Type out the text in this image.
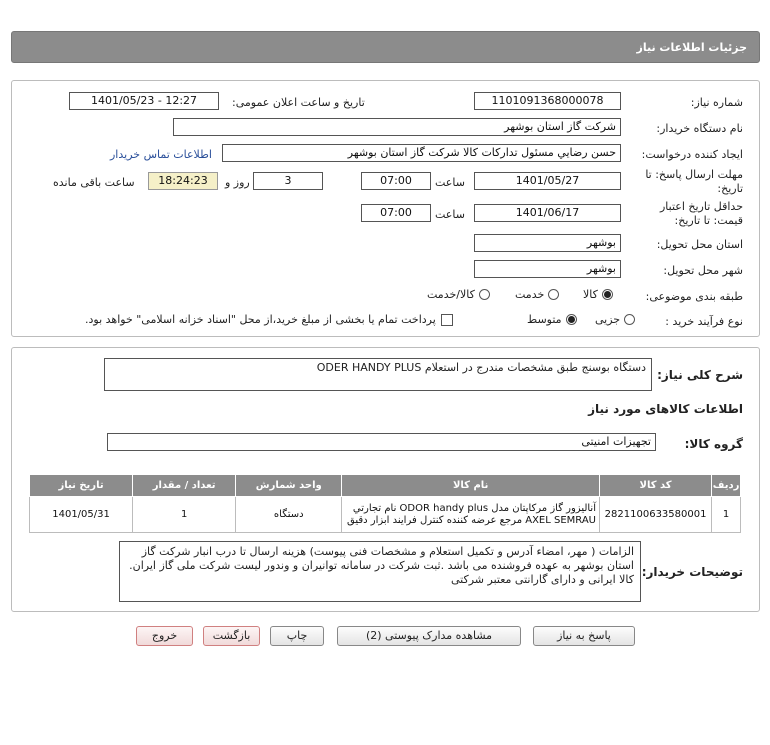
جزئيات اطلاعات نياز
شماره نياز:
1101091368000078
تاريخ و ساعت اعلان عمومی:
1401/05/23 - 12:27
نام دستگاه خريدار:
شرکت گاز استان بوشهر
ايجاد کننده درخواست:
حسن رضايي مسئول تداركات كالا شركت گاز استان بوشهر
اطلاعات تماس خريدار
مهلت ارسال پاسخ: تا
تاريخ:
1401/05/27
ساعت
07:00
3
روز و
18:24:23
ساعت باقی مانده
حداقل تاريخ اعتبار
قيمت: تا تاريخ:
1401/06/17
ساعت
07:00
استان محل تحويل:
بوشهر
شهر محل تحويل:
بوشهر
طبقه بندی موضوعی:
کالا
خدمت
کالا/خدمت
نوع فرآيند خريد :
جزيی
متوسط
پرداخت تمام يا بخشی از مبلغ خريد،از محل "اسناد خزانه اسلامی" خواهد بود.
شرح کلی نياز:
دستگاه بوسنج طبق مشخصات مندرج در استعلام ODER HANDY PLUS
اطلاعات کالاهای مورد نياز
گروه کالا:
تجهيزات امنيتی
رديف	کد کالا	نام کالا	واحد شمارش	تعداد / مقدار	تاريخ نياز
1	2821100633580001	آناليزور گاز مركاپتان مدل ODOR handy plus نام تجارتي AXEL SEMRAU مرجع عرضه كننده كنترل فرايند ابزار دقيق	دستگاه	1	1401/05/31
توضيحات خريدار:
الزامات ( مهر، امضاء آدرس و تکمیل استعلام و مشخصات فنی پیوست) هزینه ارسال تا درب انبار شرکت گاز استان بوشهر به عهده فروشنده می باشد .ثبت شرکت در سامانه توانیران و وندور لیست شرکت ملی گاز ایران. کالا ایرانی و دارای گارانتی معتبر شرکتی
پاسخ به نياز
مشاهده مدارک پيوستی (2)
چاپ
بازگشت
خروج
